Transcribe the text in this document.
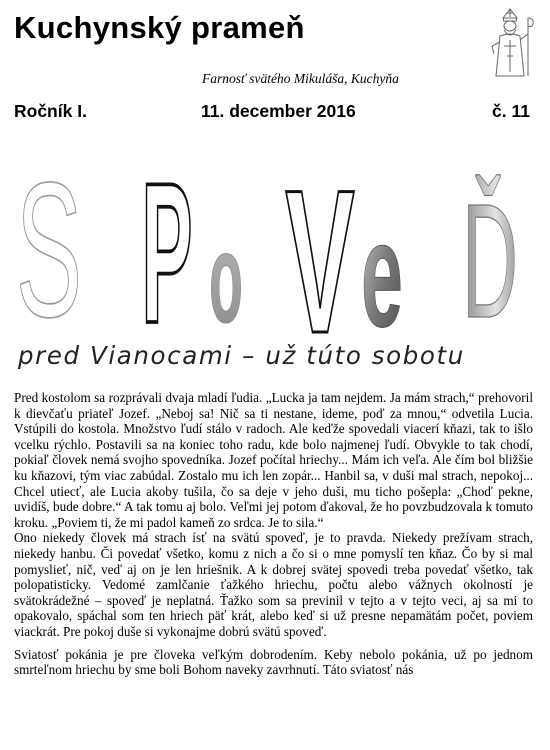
Kuchynský prameň
Farnosť svätého Mikuláša, Kuchyňa
Ročník I.	11. december 2016	č. 11
S P o V e Ď
pred Vianocami – už túto sobotu

Pred kostolom sa rozprávali dvaja mladí ľudia. „Lucka ja tam nejdem. Ja mám strach,“ prehovoril k dievčaťu priateľ Jozef. „Neboj sa! Nič sa ti nestane, ideme, poď za mnou,“ odvetila Lucia. Vstúpili do kostola. Množstvo ľudí stálo v radoch. Ale keďže spovedali viacerí kňazi, tak to išlo vcelku rýchlo. Postavili sa na koniec toho radu, kde bolo najmenej ľudí. Obvykle to tak chodí, pokiaľ človek nemá svojho spovedníka. Jozef počítal hriechy... Mám ich veľa. Ale čím bol bližšie ku kňazovi, tým viac zabúdal. Zostalo mu ich len zopár... Hanbil sa, v duši mal strach, nepokoj... Chcel utiecť, ale Lucia akoby tušila, čo sa deje v jeho duši, mu ticho pošepla: „Choď pekne, uvidíš, bude dobre.“ A tak tomu aj bolo. Veľmi jej potom ďakoval, že ho povzbudzovala k tomuto kroku. „Poviem ti, že mi padol kameň zo srdca. Je to sila.“

Ono niekedy človek má strach ísť na svätú spoveď, je to pravda. Niekedy prežívam strach, niekedy hanbu. Či povedať všetko, komu z nich a čo si o mne pomyslí ten kňaz. Čo by si mal pomyslieť, nič, veď aj on je len hriešnik. A k dobrej svätej spovedi treba povedať všetko, tak polopatisticky. Vedomé zamlčanie ťažkého hriechu, počtu alebo vážnych okolností je svätokrádežné – spoveď je neplatná. Ťažko som sa previnil v tejto a v tejto veci, aj sa mi to opakovalo, spáchal som ten hriech päť krát, alebo keď si už presne nepamätám počet, poviem viackrát. Pre pokoj duše si vykonajme dobrú svätú spoveď.

Sviatosť pokánia je pre človeka veľkým dobrodením. Keby nebolo pokánia, už po jednom smrteľnom hriechu by sme boli Bohom naveky zavrhnutí. Táto sviatosť nás
